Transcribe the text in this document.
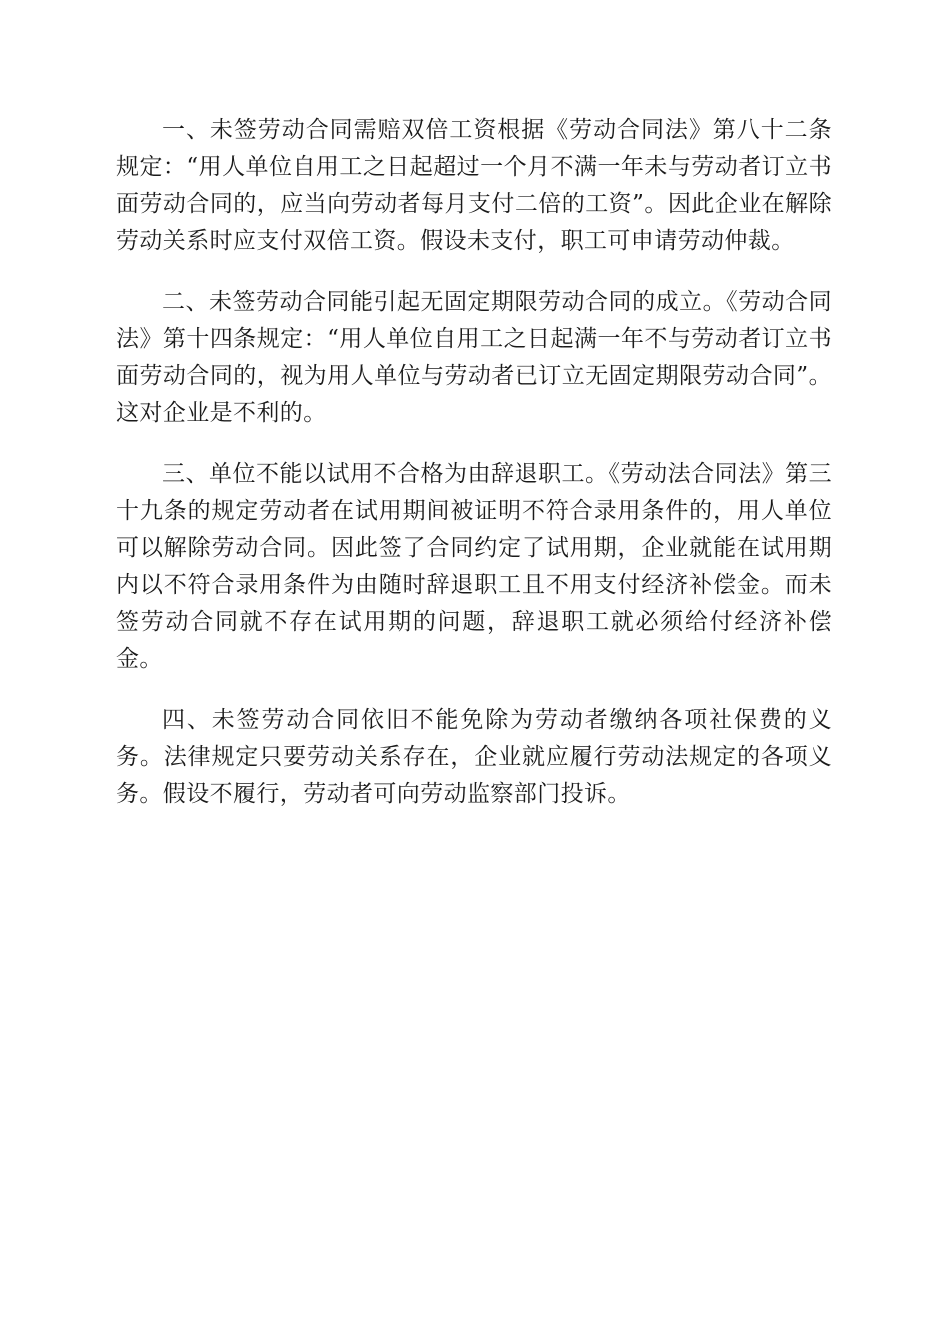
一、未签劳动合同需赔双倍工资根据《劳动合同法》第八十二条规定：“用人单位自用工之日起超过一个月不满一年未与劳动者订立书面劳动合同的，应当向劳动者每月支付二倍的工资”。因此企业在解除劳动关系时应支付双倍工资。假设未支付，职工可申请劳动仲裁。

二、未签劳动合同能引起无固定期限劳动合同的成立。《劳动合同法》第十四条规定：“用人单位自用工之日起满一年不与劳动者订立书面劳动合同的，视为用人单位与劳动者已订立无固定期限劳动合同”。这对企业是不利的。

三、单位不能以试用不合格为由辞退职工。《劳动法合同法》第三十九条的规定劳动者在试用期间被证明不符合录用条件的，用人单位可以解除劳动合同。因此签了合同约定了试用期，企业就能在试用期内以不符合录用条件为由随时辞退职工且不用支付经济补偿金。而未签劳动合同就不存在试用期的问题，辞退职工就必须给付经济补偿金。

四、未签劳动合同依旧不能免除为劳动者缴纳各项社保费的义务。法律规定只要劳动关系存在，企业就应履行劳动法规定的各项义务。假设不履行，劳动者可向劳动监察部门投诉。
